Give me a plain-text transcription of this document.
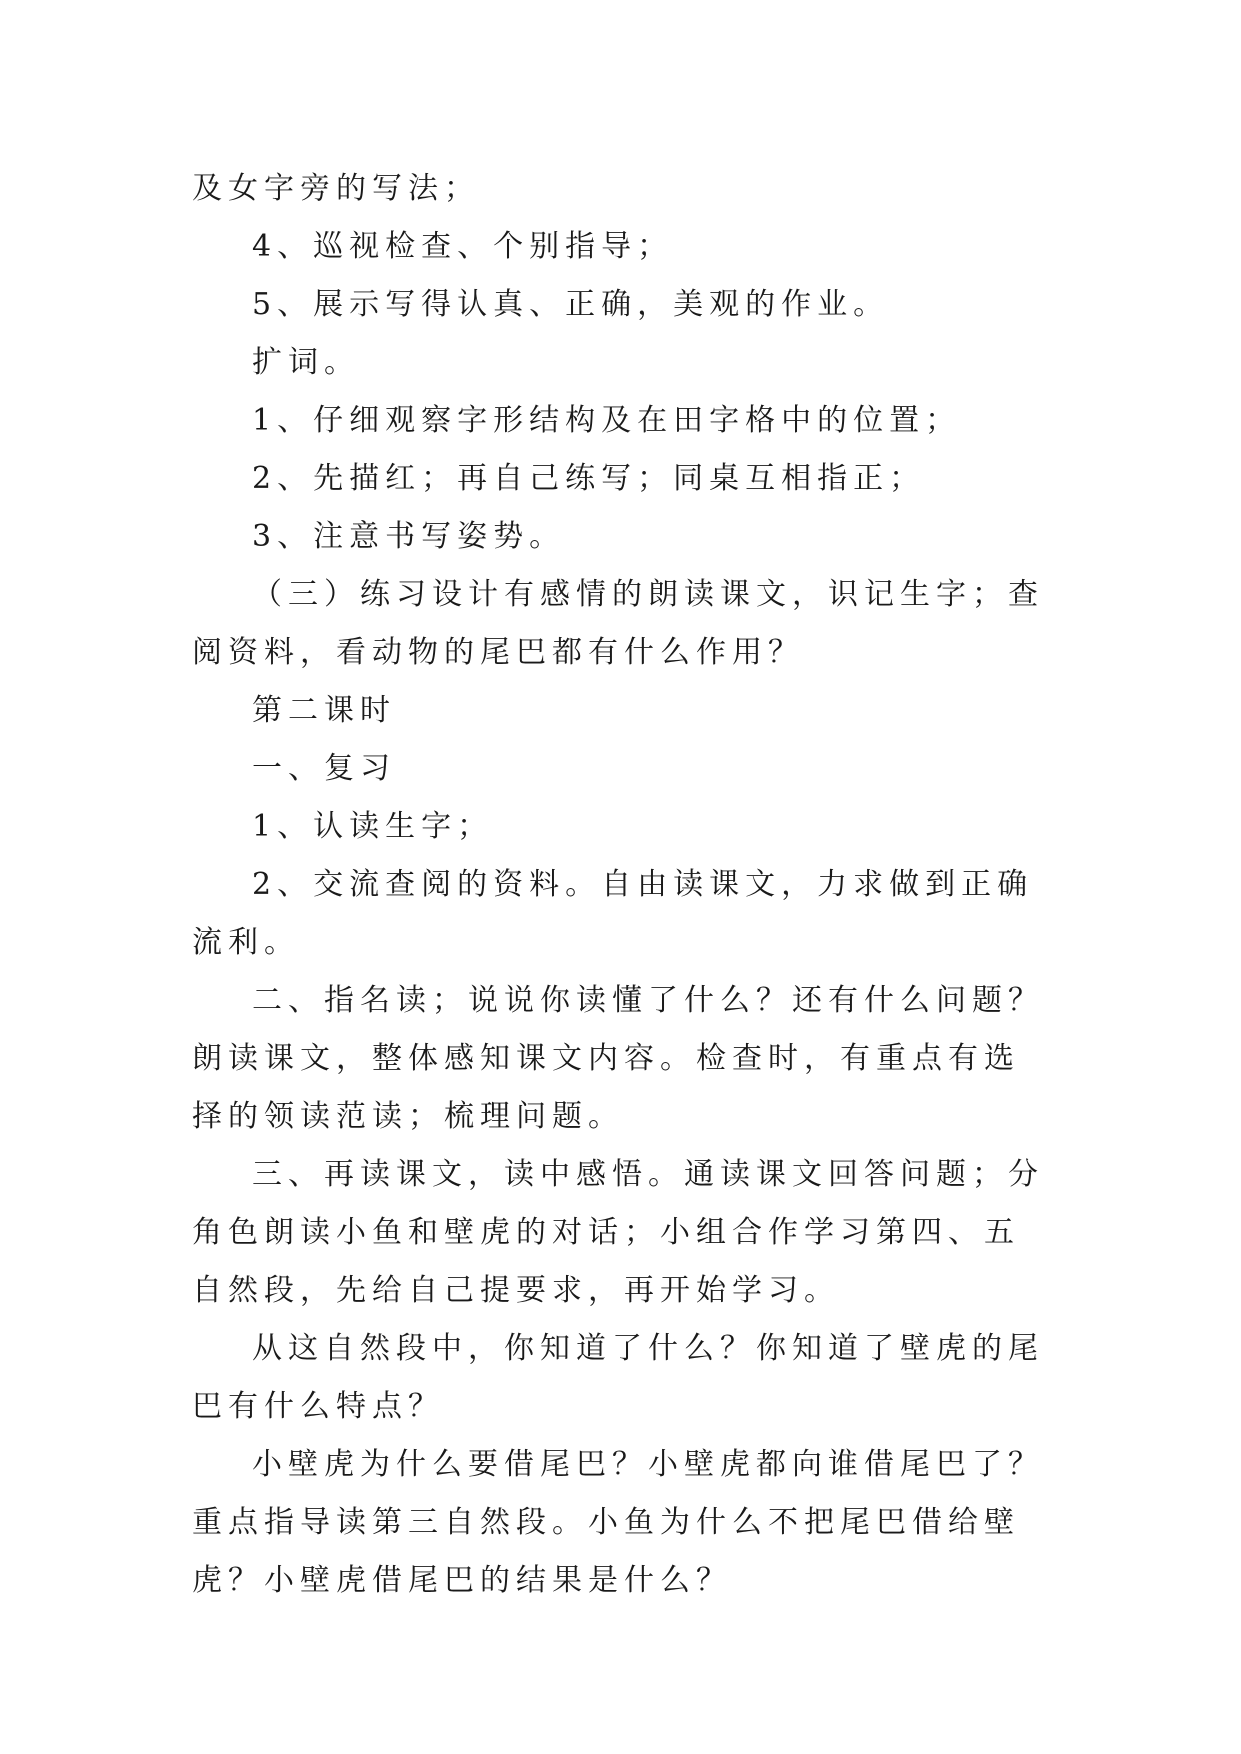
及女字旁的写法；

4、巡视检查、个别指导；

5、展示写得认真、正确，美观的作业。

扩词。

1、仔细观察字形结构及在田字格中的位置；

2、先描红；再自己练写；同桌互相指正；

3、注意书写姿势。

（三）练习设计有感情的朗读课文，识记生字；查阅资料，看动物的尾巴都有什么作用？

第二课时

一、复习

1、认读生字；

2、交流查阅的资料。自由读课文，力求做到正确流利。

二、指名读；说说你读懂了什么？还有什么问题？朗读课文，整体感知课文内容。检查时，有重点有选择的领读范读；梳理问题。

三、再读课文，读中感悟。通读课文回答问题；分角色朗读小鱼和壁虎的对话；小组合作学习第四、五自然段，先给自己提要求，再开始学习。

从这自然段中，你知道了什么？你知道了壁虎的尾巴有什么特点？

小壁虎为什么要借尾巴？小壁虎都向谁借尾巴了？重点指导读第三自然段。小鱼为什么不把尾巴借给壁虎？小壁虎借尾巴的结果是什么？
